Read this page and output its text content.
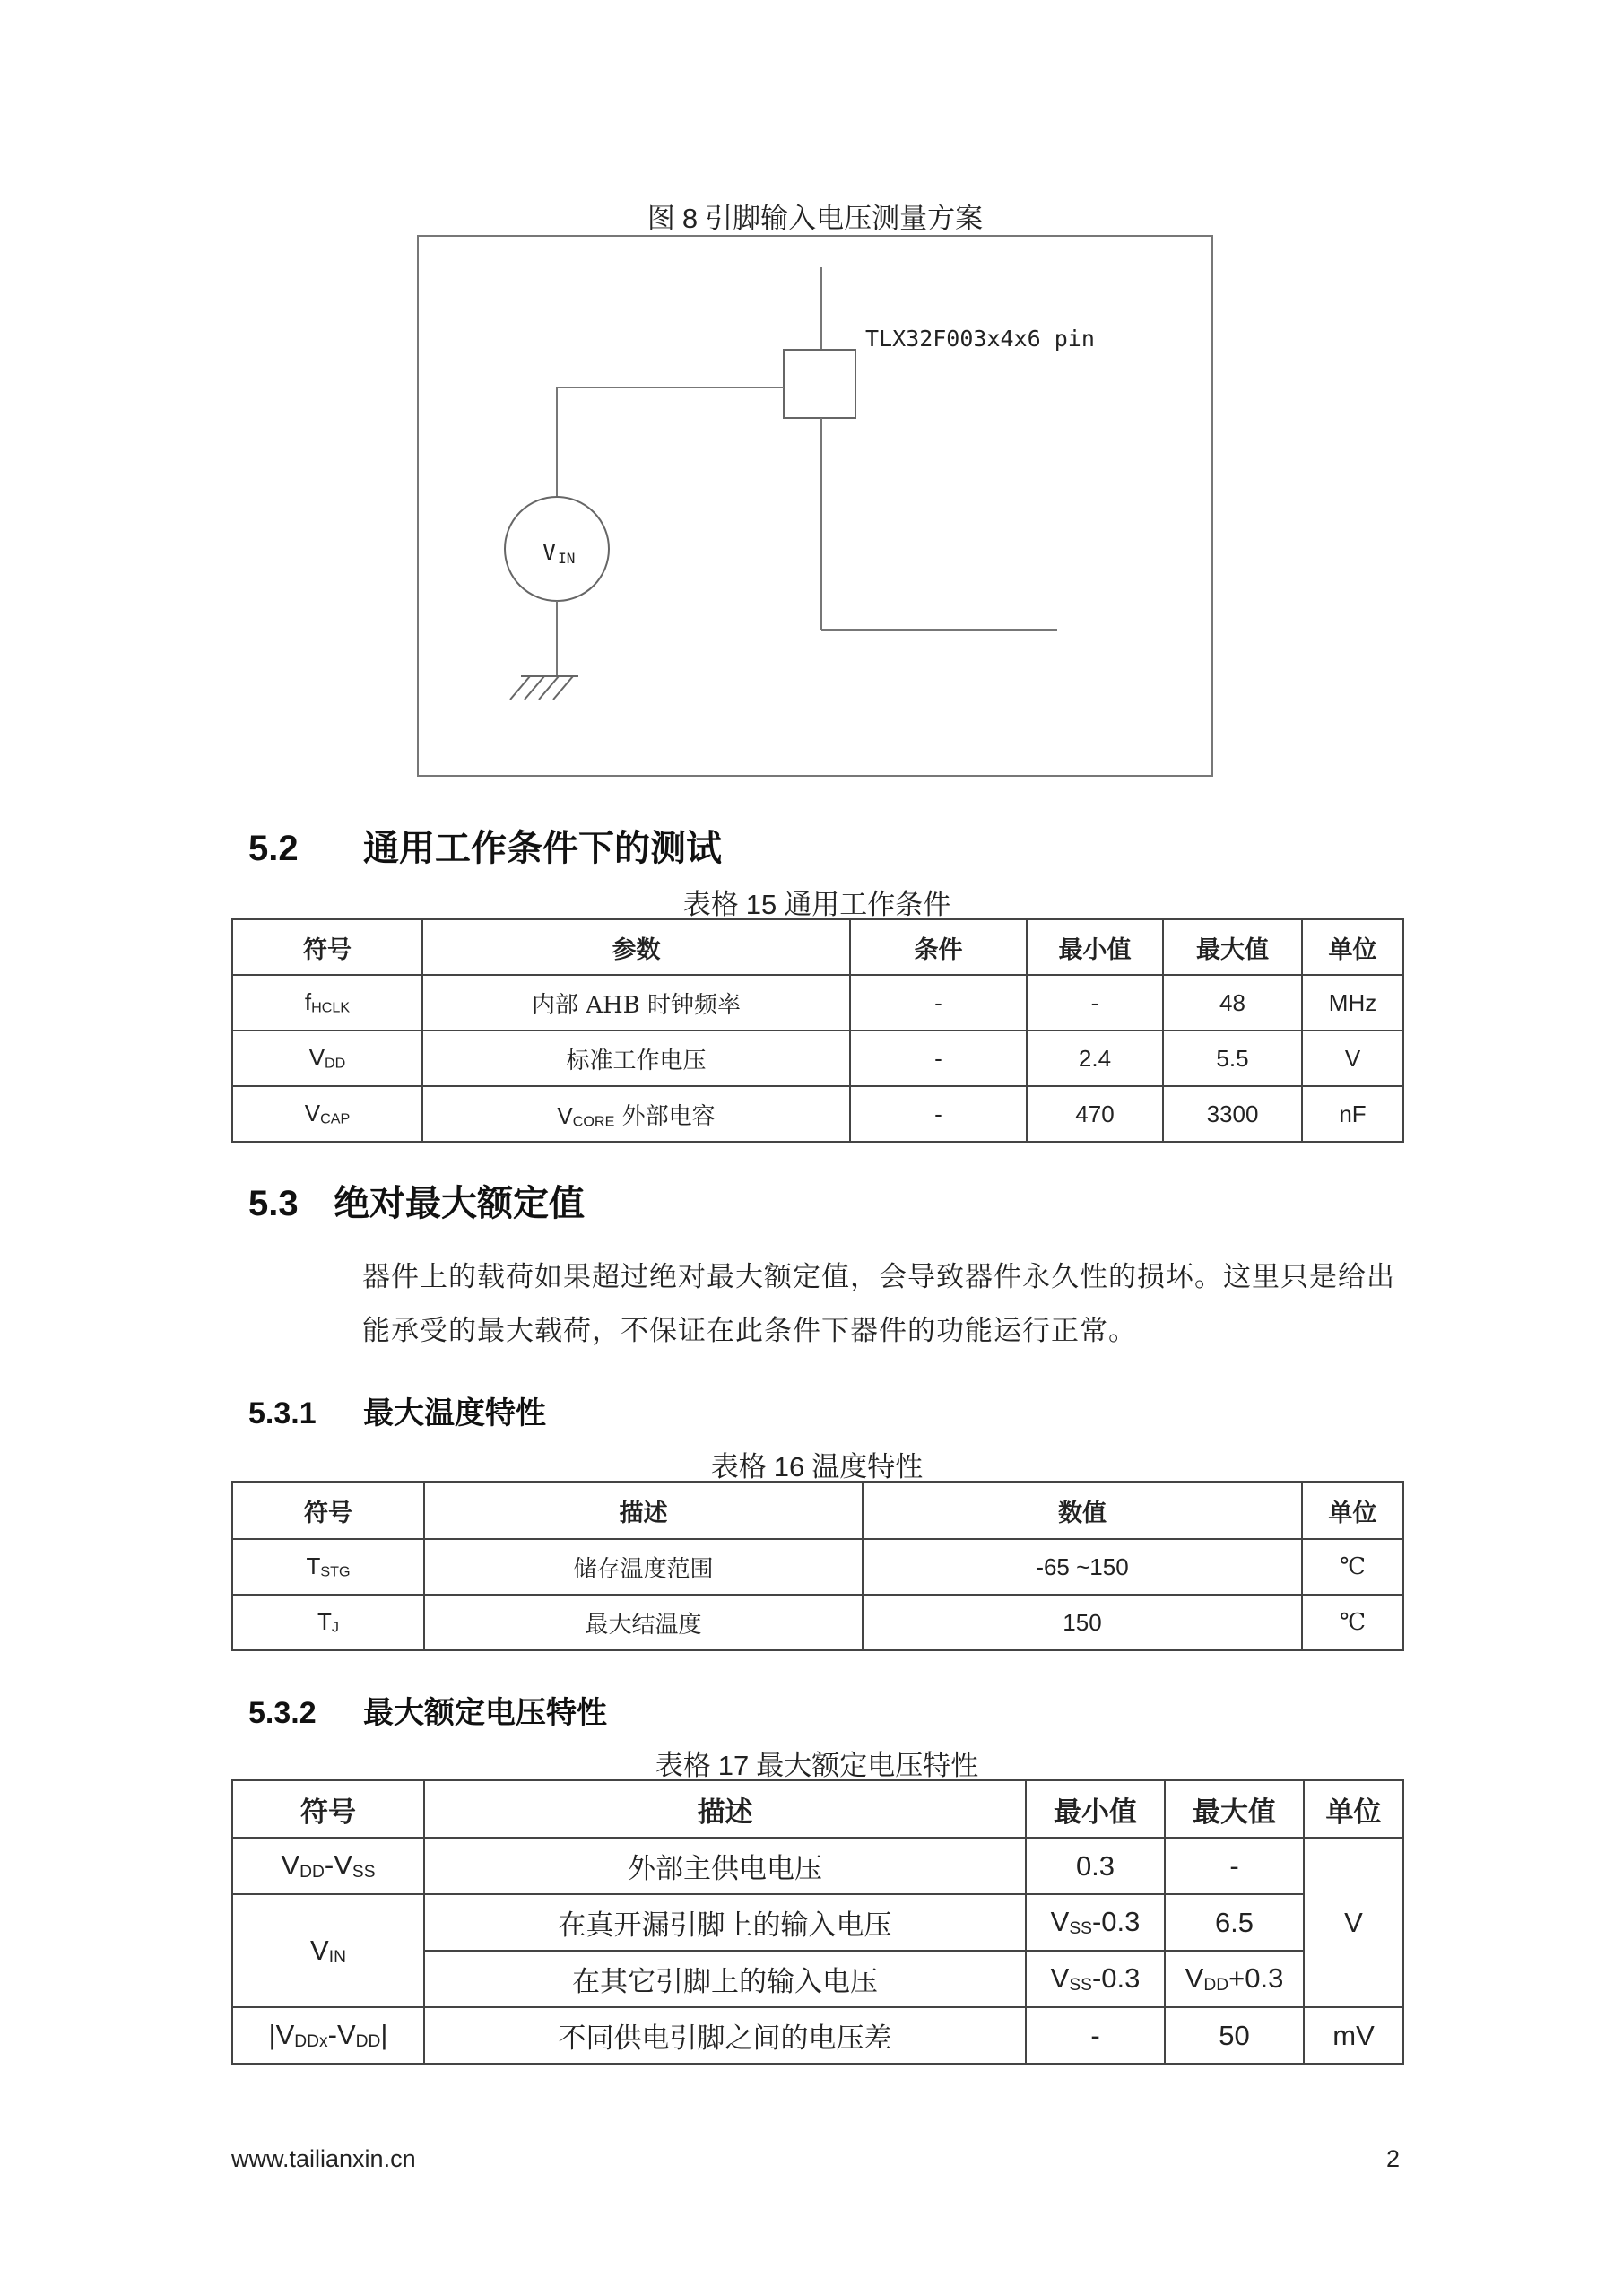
图 8 引脚输入电压测量方案
TLX32F003x4x6 pin
VIN
5.2 通用工作条件下的测试
表格 15 通用工作条件
符号	参数	条件	最小值	最大值	单位
$f_{HCLK}$	内部 AHB 时钟频率	-	-	48	MHz
$V_{DD}$	标准工作电压	-	2.4	5.5	V
$V_{CAP}$	$V_{CORE}$ 外部电容	-	470	3300	nF
5.3 绝对最大额定值
器件上的载荷如果超过绝对最大额定值，会导致器件永久性的损坏。这里只是给出能承受的最大载荷，不保证在此条件下器件的功能运行正常。
5.3.1 最大温度特性
表格 16 温度特性
符号	描述	数值	单位
$T_{STG}$	储存温度范围	-65 ~150	℃
$T_J$	最大结温度	150	℃
5.3.2 最大额定电压特性
表格 17 最大额定电压特性
符号	描述	最小值	最大值	单位
$V_{DD}-V_{SS}$	外部主供电电压	0.3	-	V
$V_{IN}$	在真开漏引脚上的输入电压	$V_{SS}-0.3$	6.5	
	在其它引脚上的输入电压	$V_{SS}-0.3$	$V_{DD}+0.3$	
$|V_{DDx}-V_{DD}|$	不同供电引脚之间的电压差	-	50	mV
www.tailianxin.cn	2
